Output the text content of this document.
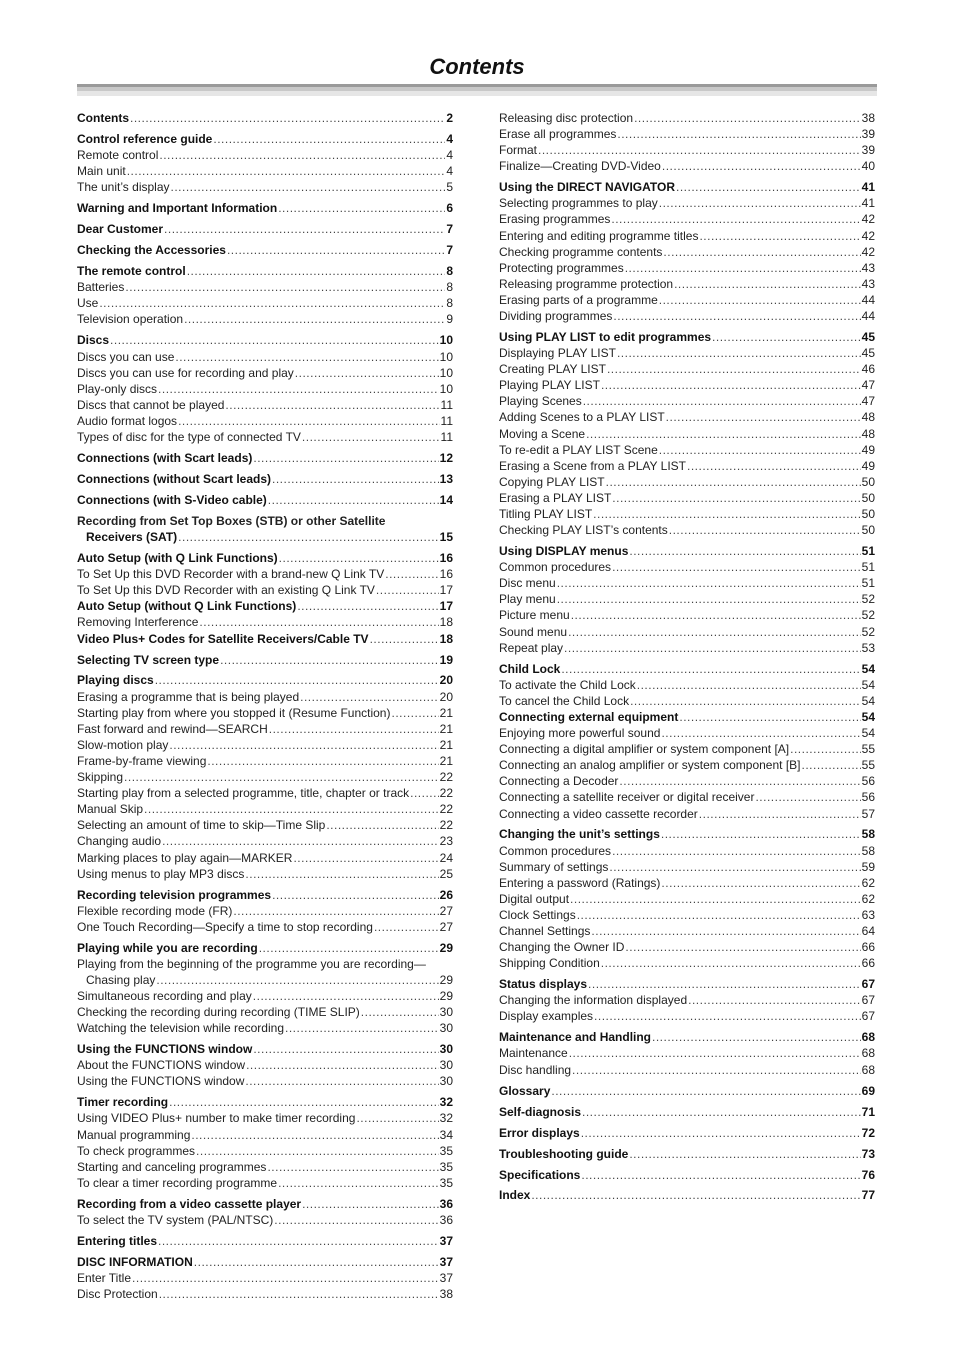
Contents
Contents .....	2
Control reference guide .....	4
Remote control .....	4
Main unit .....	4
The unit’s display .....	5
Warning and Important Information .....	6
Dear Customer .....	7
Checking the Accessories .....	7
The remote control .....	8
Batteries .....	8
Use .....	8
Television operation .....	9
Discs .....	10
Discs you can use .....	10
Discs you can use for recording and play .....	10
Play-only discs .....	10
Discs that cannot be played .....	11
Audio format logos .....	11
Types of disc for the type of connected TV .....	11
Connections (with Scart leads) .....	12
Connections (without Scart leads) .....	13
Connections (with S-Video cable) .....	14
Recording from Set Top Boxes (STB) or other Satellite
Receivers (SAT) .....	15
Auto Setup (with Q Link Functions) .....	16
To Set Up this DVD Recorder with a brand-new Q Link TV .....	16
To Set Up this DVD Recorder with an existing Q Link TV .....	17
Auto Setup (without Q Link Functions) .....	17
Removing Interference .....	18
Video Plus+ Codes for Satellite Receivers/Cable TV .....	18
Selecting TV screen type .....	19
Playing discs .....	20
Erasing a programme that is being played .....	20
Starting play from where you stopped it (Resume Function) .....	21
Fast forward and rewind—SEARCH .....	21
Slow-motion play .....	21
Frame-by-frame viewing .....	21
Skipping .....	22
Starting play from a selected programme, title, chapter or track .....	22
Manual Skip .....	22
Selecting an amount of time to skip—Time Slip .....	22
Changing audio .....	23
Marking places to play again—MARKER .....	24
Using menus to play MP3 discs .....	25
Recording television programmes .....	26
Flexible recording mode (FR) .....	27
One Touch Recording—Specify a time to stop recording .....	27
Playing while you are recording .....	29
Playing from the beginning of the programme you are recording—
Chasing play .....	29
Simultaneous recording and play .....	29
Checking the recording during recording (TIME SLIP) .....	30
Watching the television while recording .....	30
Using the FUNCTIONS window .....	30
About the FUNCTIONS window .....	30
Using the FUNCTIONS window .....	30
Timer recording .....	32
Using VIDEO Plus+ number to make timer recording .....	32
Manual programming .....	34
To check programmes .....	35
Starting and canceling programmes .....	35
To clear a timer recording programme .....	35
Recording from a video cassette player .....	36
To select the TV system (PAL/NTSC) .....	36
Entering titles .....	37
DISC INFORMATION .....	37
Enter Title .....	37
Disc Protection .....	38
Releasing disc protection .....	38
Erase all programmes .....	39
Format .....	39
Finalize—Creating DVD-Video .....	40
Using the DIRECT NAVIGATOR .....	41
Selecting programmes to play .....	41
Erasing programmes .....	42
Entering and editing programme titles .....	42
Checking programme contents .....	42
Protecting programmes .....	43
Releasing programme protection .....	43
Erasing parts of a programme .....	44
Dividing programmes .....	44
Using PLAY LIST to edit programmes .....	45
Displaying PLAY LIST .....	45
Creating PLAY LIST .....	46
Playing PLAY LIST .....	47
Playing Scenes .....	47
Adding Scenes to a PLAY LIST .....	48
Moving a Scene .....	48
To re-edit a PLAY LIST Scene .....	49
Erasing a Scene from a PLAY LIST .....	49
Copying PLAY LIST .....	50
Erasing a PLAY LIST .....	50
Titling PLAY LIST .....	50
Checking PLAY LIST’s contents .....	50
Using DISPLAY menus .....	51
Common procedures .....	51
Disc menu .....	51
Play menu .....	52
Picture menu .....	52
Sound menu .....	52
Repeat play .....	53
Child Lock .....	54
To activate the Child Lock .....	54
To cancel the Child Lock .....	54
Connecting external equipment .....	54
Enjoying more powerful sound .....	54
Connecting a digital amplifier or system component [A] .....	55
Connecting an analog amplifier or system component [B] .....	55
Connecting a Decoder .....	56
Connecting a satellite receiver or digital receiver .....	56
Connecting a video cassette recorder .....	57
Changing the unit’s settings .....	58
Common procedures .....	58
Summary of settings .....	59
Entering a password (Ratings) .....	62
Digital output .....	62
Clock Settings .....	63
Channel Settings .....	64
Changing the Owner ID .....	66
Shipping Condition .....	66
Status displays .....	67
Changing the information displayed .....	67
Display examples .....	67
Maintenance and Handling .....	68
Maintenance .....	68
Disc handling .....	68
Glossary .....	69
Self-diagnosis .....	71
Error displays .....	72
Troubleshooting guide .....	73
Specifications .....	76
Index .....	77
